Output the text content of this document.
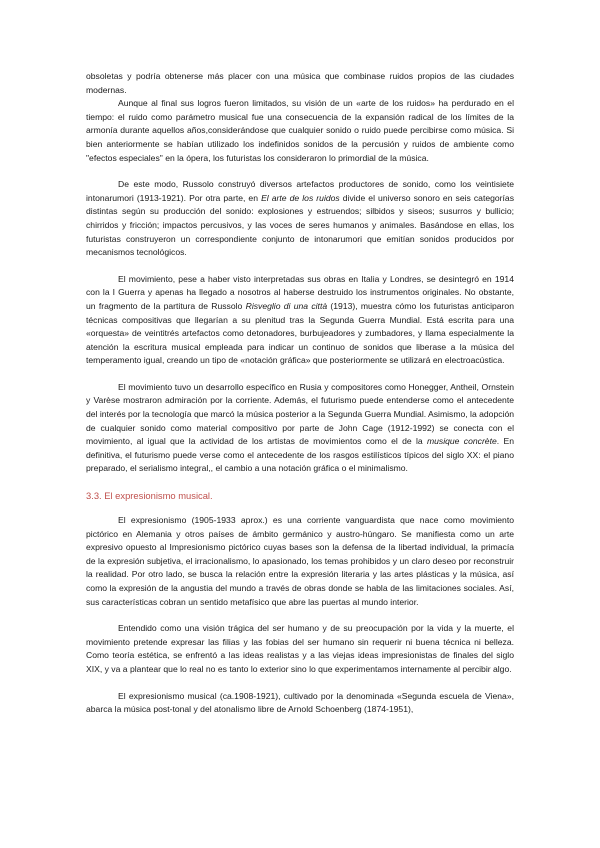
obsoletas y podría obtenerse más placer con una música que combinase ruidos propios de las ciudades modernas.

Aunque al final sus logros fueron limitados, su visión de un «arte de los ruidos» ha perdurado en el tiempo: el ruido como parámetro musical fue una consecuencia de la expansión radical de los límites de la armonía durante aquellos años,considerándose que cualquier sonido o ruido puede percibirse como música. Si bien anteriormente se habían utilizado los indefinidos sonidos de la percusión y ruidos de ambiente como "efectos especiales" en la ópera, los futuristas los consideraron lo primordial de la música.

De este modo, Russolo construyó diversos artefactos productores de sonido, como los veintisiete intonarumori (1913-1921). Por otra parte, en El arte de los ruidos divide el universo sonoro en seis categorías distintas según su producción del sonido: explosiones y estruendos; silbidos y siseos; susurros y bullicio; chirridos y fricción; impactos percusivos, y las voces de seres humanos y animales. Basándose en ellas, los futuristas construyeron un correspondiente conjunto de intonarumori que emitían sonidos producidos por mecanismos tecnológicos.

El movimiento, pese a haber visto interpretadas sus obras en Italia y Londres, se desintegró en 1914 con la I Guerra y apenas ha llegado a nosotros al haberse destruido los instrumentos originales. No obstante, un fragmento de la partitura de Russolo Risveglio di una città (1913), muestra cómo los futuristas anticiparon técnicas compositivas que llegarían a su plenitud tras la Segunda Guerra Mundial. Está escrita para una «orquesta» de veintitrés artefactos como detonadores, burbujeadores y zumbadores, y llama especialmente la atención la escritura musical empleada para indicar un continuo de sonidos que liberase a la música del temperamento igual, creando un tipo de «notación gráfica» que posteriormente se utilizará en electroacústica.

El movimiento tuvo un desarrollo específico en Rusia y compositores como Honegger, Antheil, Ornstein y Varèse mostraron admiración por la corriente. Además, el futurismo puede entenderse como el antecedente del interés por la tecnología que marcó la música posterior a la Segunda Guerra Mundial. Asimismo, la adopción de cualquier sonido como material compositivo por parte de John Cage (1912-1992) se conecta con el movimiento, al igual que la actividad de los artistas de movimientos como el de la musique concrète. En definitiva, el futurismo puede verse como el antecedente de los rasgos estilísticos típicos del siglo XX: el piano preparado, el serialismo integral,, el cambio a una notación gráfica o el minimalismo.

3.3. El expresionismo musical.

El expresionismo (1905-1933 aprox.) es una corriente vanguardista que nace como movimiento pictórico en Alemania y otros países de ámbito germánico y austro-húngaro. Se manifiesta como un arte expresivo opuesto al Impresionismo pictórico cuyas bases son la defensa de la libertad individual, la primacía de la expresión subjetiva, el irracionalismo, lo apasionado, los temas prohibidos y un claro deseo por reconstruir la realidad. Por otro lado, se busca la relación entre la expresión literaria y las artes plásticas y la música, así como la expresión de la angustia del mundo a través de obras donde se habla de las limitaciones sociales. Así, sus características cobran un sentido metafísico que abre las puertas al mundo interior.

Entendido como una visión trágica del ser humano y de su preocupación por la vida y la muerte, el movimiento pretende expresar las filias y las fobias del ser humano sin requerir ni buena técnica ni belleza. Como teoría estética, se enfrentó a las ideas realistas y a las viejas ideas impresionistas de finales del siglo XIX, y va a plantear que lo real no es tanto lo exterior sino lo que experimentamos internamente al percibir algo.

El expresionismo musical (ca.1908-1921), cultivado por la denominada «Segunda escuela de Viena», abarca la música post-tonal y del atonalismo libre de Arnold Schoenberg (1874-1951),
